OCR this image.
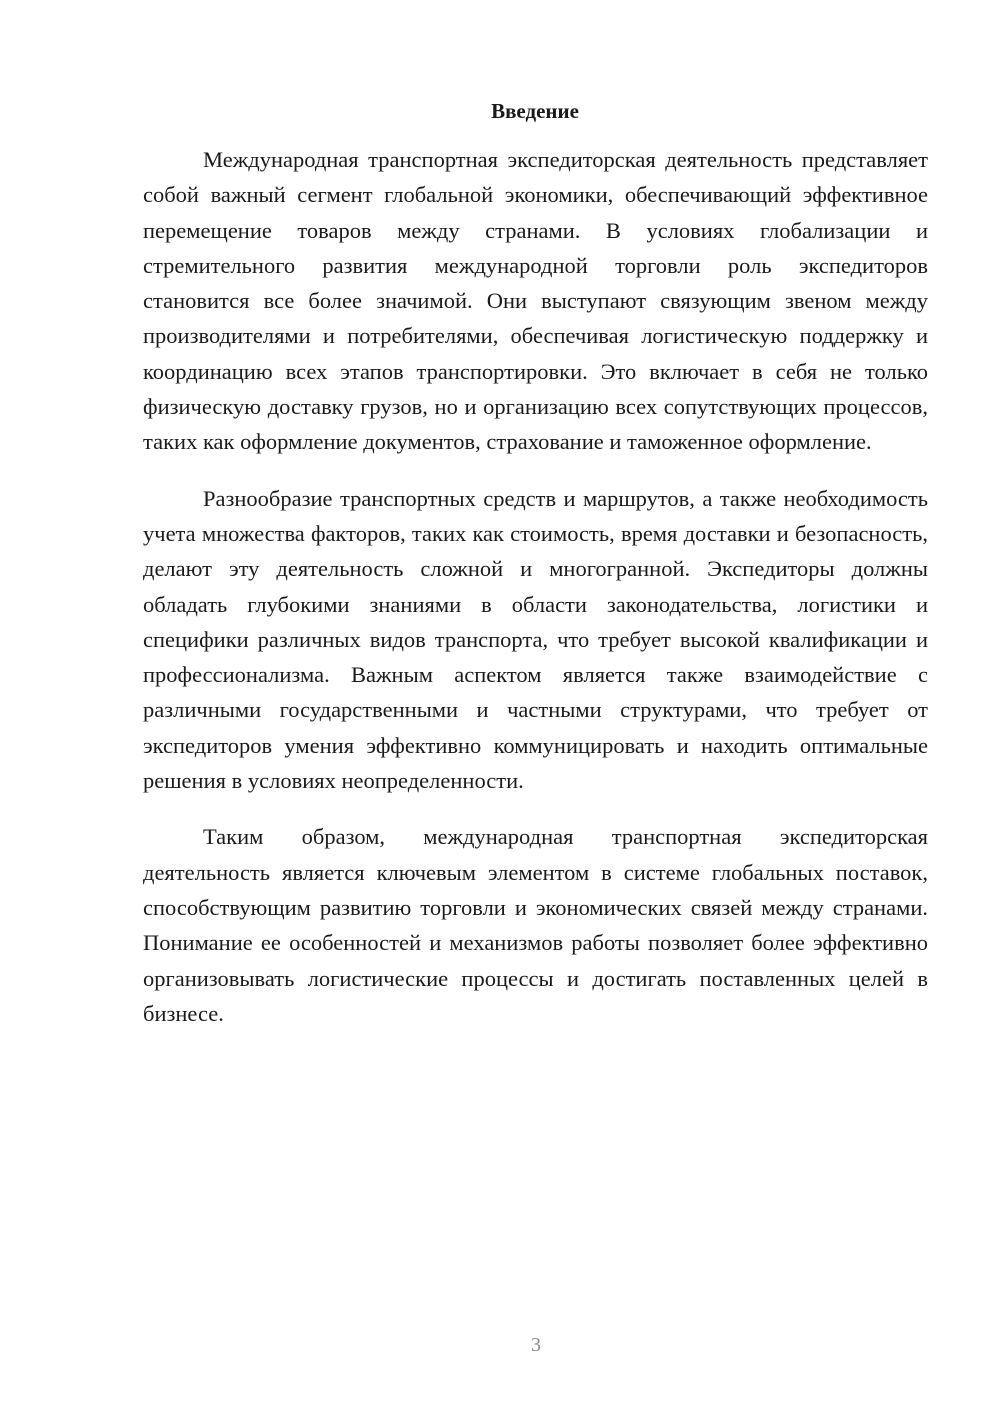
Введение

Международная транспортная экспедиторская деятельность представляет собой важный сегмент глобальной экономики, обеспечивающий эффективное перемещение товаров между странами. В условиях глобализации и стремительного развития международной торговли роль экспедиторов становится все более значимой. Они выступают связующим звеном между производителями и потребителями, обеспечивая логистическую поддержку и координацию всех этапов транспортировки. Это включает в себя не только физическую доставку грузов, но и организацию всех сопутствующих процессов, таких как оформление документов, страхование и таможенное оформление.

Разнообразие транспортных средств и маршрутов, а также необходимость учета множества факторов, таких как стоимость, время доставки и безопасность, делают эту деятельность сложной и многогранной. Экспедиторы должны обладать глубокими знаниями в области законодательства, логистики и специфики различных видов транспорта, что требует высокой квалификации и профессионализма. Важным аспектом является также взаимодействие с различными государственными и частными структурами, что требует от экспедиторов умения эффективно коммуницировать и находить оптимальные решения в условиях неопределенности.

Таким образом, международная транспортная экспедиторская деятельность является ключевым элементом в системе глобальных поставок, способствующим развитию торговли и экономических связей между странами. Понимание ее особенностей и механизмов работы позволяет более эффективно организовывать логистические процессы и достигать поставленных целей в бизнесе.

3
